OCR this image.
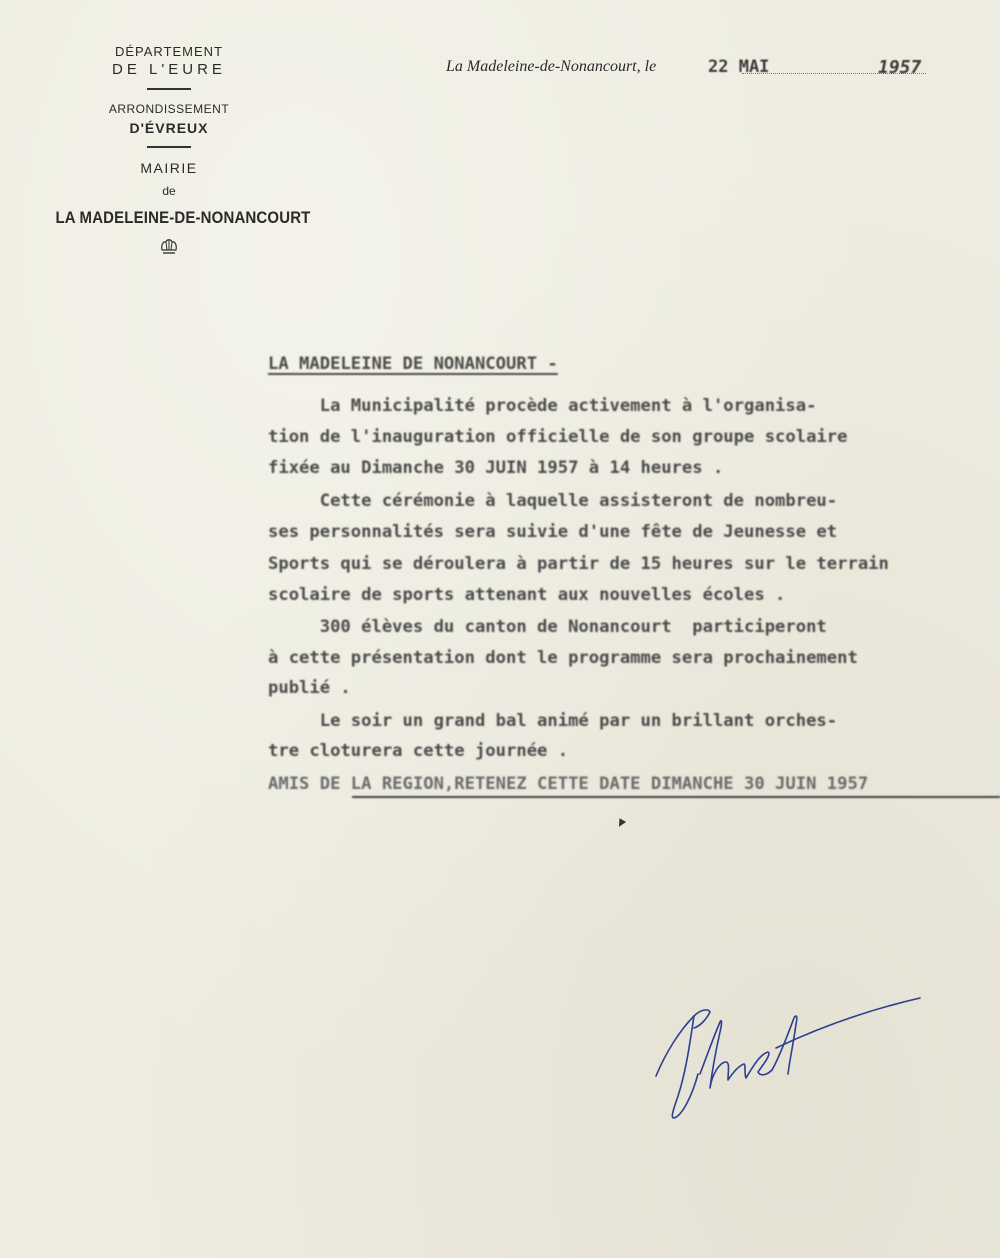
DÉPARTEMENT
DE L'EURE
ARRONDISSEMENT
D'ÉVREUX
MAIRIE
de
LA MADELEINE-DE-NONANCOURT
La Madeleine-de-Nonancourt, le	22 MAI	1957
LA MADELEINE DE NONANCOURT -
La Municipalité procède activement à l'organisa-
tion de l'inauguration officielle de son groupe scolaire
fixée au Dimanche 30 JUIN 1957 à 14 heures .
Cette cérémonie à laquelle assisteront de nombreu-
ses personnalités sera suivie d'une fête de Jeunesse et
Sports qui se déroulera à partir de 15 heures sur le terrain
scolaire de sports attenant aux nouvelles écoles .
300 élèves du canton de Nonancourt  participeront
à cette présentation dont le programme sera prochainement
publié .
Le soir un grand bal animé par un brillant orches-
tre cloturera cette journée .
AMIS DE LA REGION,RETENEZ CETTE DATE DIMANCHE 30 JUIN 1957
▼
